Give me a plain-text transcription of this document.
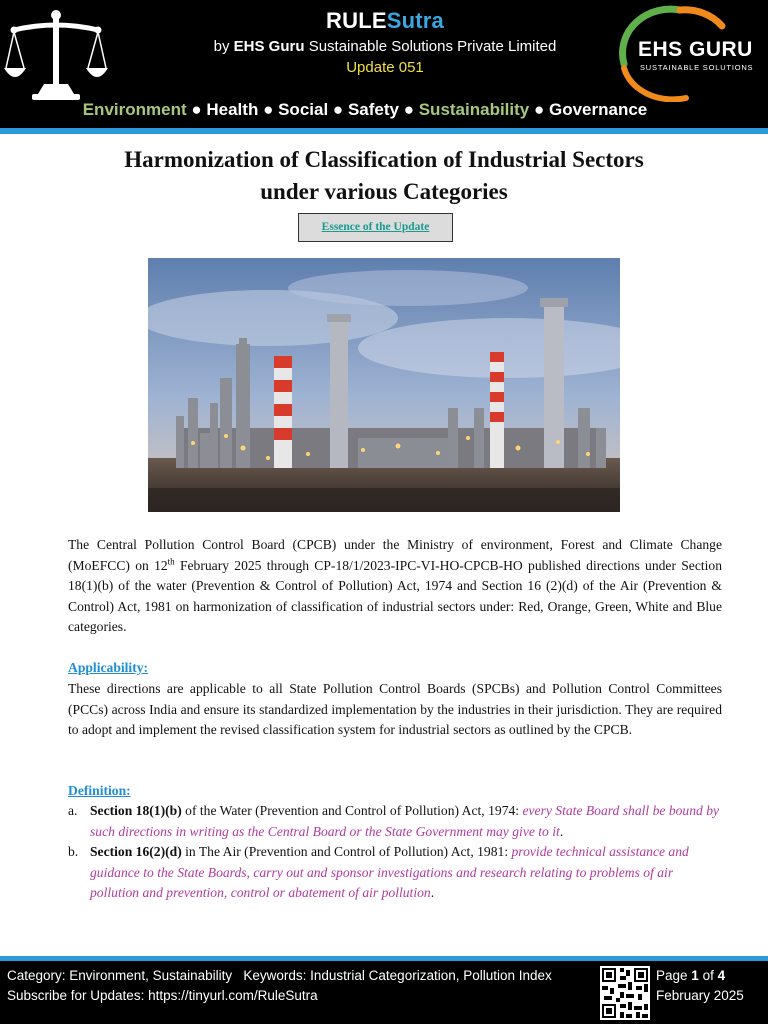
RULESutra
by EHS Guru Sustainable Solutions Private Limited
Update 051
EHS GURU
SUSTAINABLE SOLUTIONS
Environment ● Health ● Social ● Safety ● Sustainability ● Governance
Harmonization of Classification of Industrial Sectors
under various Categories
Essence of the Update
The Central Pollution Control Board (CPCB) under the Ministry of environment, Forest and Climate Change (MoEFCC) on 12th February 2025 through CP-18/1/2023-IPC-VI-HO-CPCB-HO published directions under Section 18(1)(b) of the water (Prevention & Control of Pollution) Act, 1974 and Section 16 (2)(d) of the Air (Prevention & Control) Act, 1981 on harmonization of classification of industrial sectors under: Red, Orange, Green, White and Blue categories.
Applicability:
These directions are applicable to all State Pollution Control Boards (SPCBs) and Pollution Control Committees (PCCs) across India and ensure its standardized implementation by the industries in their jurisdiction. They are required to adopt and implement the revised classification system for industrial sectors as outlined by the CPCB.
Definition:
a. Section 18(1)(b) of the Water (Prevention and Control of Pollution) Act, 1974: every State Board shall be bound by such directions in writing as the Central Board or the State Government may give to it.
b. Section 16(2)(d) in The Air (Prevention and Control of Pollution) Act, 1981: provide technical assistance and guidance to the State Boards, carry out and sponsor investigations and research relating to problems of air pollution and prevention, control or abatement of air pollution.
Category: Environment, Sustainability   Keywords: Industrial Categorization, Pollution Index
Subscribe for Updates: https://tinyurl.com/RuleSutra
Page 1 of 4
February 2025
